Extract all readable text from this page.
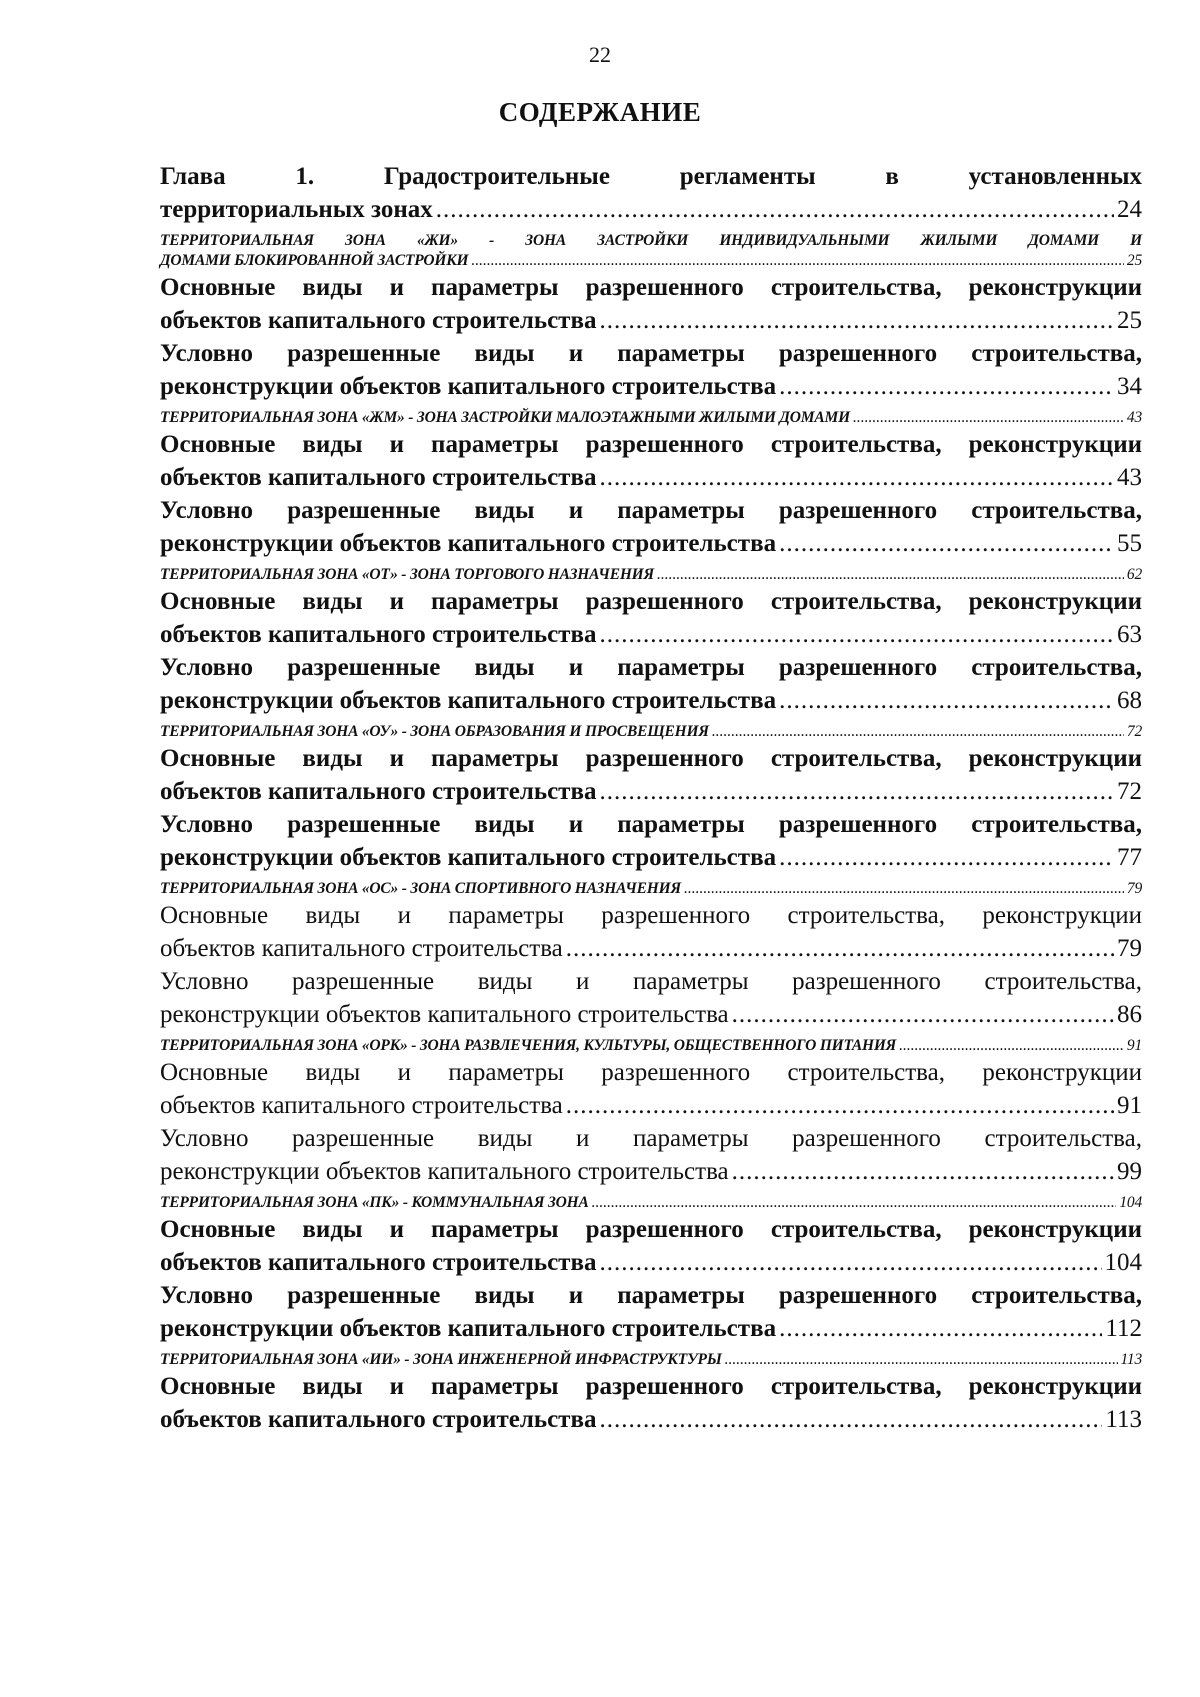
22
СОДЕРЖАНИЕ
Глава 1. Градостроительные регламенты в установленных
территориальных зонах .....	24
ТЕРРИТОРИАЛЬНАЯ ЗОНА «ЖИ» - ЗОНА ЗАСТРОЙКИ ИНДИВИДУАЛЬНЫМИ ЖИЛЫМИ ДОМАМИ И
ДОМАМИ БЛОКИРОВАННОЙ ЗАСТРОЙКИ .....	25
Основные виды и параметры разрешенного строительства, реконструкции
объектов капитального строительства .....	25
Условно разрешенные виды и параметры разрешенного строительства,
реконструкции объектов капитального строительства .....	34
ТЕРРИТОРИАЛЬНАЯ ЗОНА «ЖМ» - ЗОНА ЗАСТРОЙКИ МАЛОЭТАЖНЫМИ ЖИЛЫМИ ДОМАМИ .....	43
Основные виды и параметры разрешенного строительства, реконструкции
объектов капитального строительства .....	43
Условно разрешенные виды и параметры разрешенного строительства,
реконструкции объектов капитального строительства .....	55
ТЕРРИТОРИАЛЬНАЯ ЗОНА «ОТ» - ЗОНА ТОРГОВОГО НАЗНАЧЕНИЯ .....	62
Основные виды и параметры разрешенного строительства, реконструкции
объектов капитального строительства .....	63
Условно разрешенные виды и параметры разрешенного строительства,
реконструкции объектов капитального строительства .....	68
ТЕРРИТОРИАЛЬНАЯ ЗОНА «ОУ» - ЗОНА ОБРАЗОВАНИЯ И ПРОСВЕЩЕНИЯ .....	72
Основные виды и параметры разрешенного строительства, реконструкции
объектов капитального строительства .....	72
Условно разрешенные виды и параметры разрешенного строительства,
реконструкции объектов капитального строительства .....	77
ТЕРРИТОРИАЛЬНАЯ ЗОНА «ОС» - ЗОНА СПОРТИВНОГО НАЗНАЧЕНИЯ .....	79
Основные виды и параметры разрешенного строительства, реконструкции
объектов капитального строительства .....	79
Условно разрешенные виды и параметры разрешенного строительства,
реконструкции объектов капитального строительства .....	86
ТЕРРИТОРИАЛЬНАЯ ЗОНА «ОРК» - ЗОНА РАЗВЛЕЧЕНИЯ, КУЛЬТУРЫ, ОБЩЕСТВЕННОГО ПИТАНИЯ .....	91
Основные виды и параметры разрешенного строительства, реконструкции
объектов капитального строительства .....	91
Условно разрешенные виды и параметры разрешенного строительства,
реконструкции объектов капитального строительства .....	99
ТЕРРИТОРИАЛЬНАЯ ЗОНА «ПК» - КОММУНАЛЬНАЯ ЗОНА .....	104
Основные виды и параметры разрешенного строительства, реконструкции
объектов капитального строительства .....	104
Условно разрешенные виды и параметры разрешенного строительства,
реконструкции объектов капитального строительства .....	112
ТЕРРИТОРИАЛЬНАЯ ЗОНА «ИИ» - ЗОНА ИНЖЕНЕРНОЙ ИНФРАСТРУКТУРЫ .....	113
Основные виды и параметры разрешенного строительства, реконструкции
объектов капитального строительства .....	113
